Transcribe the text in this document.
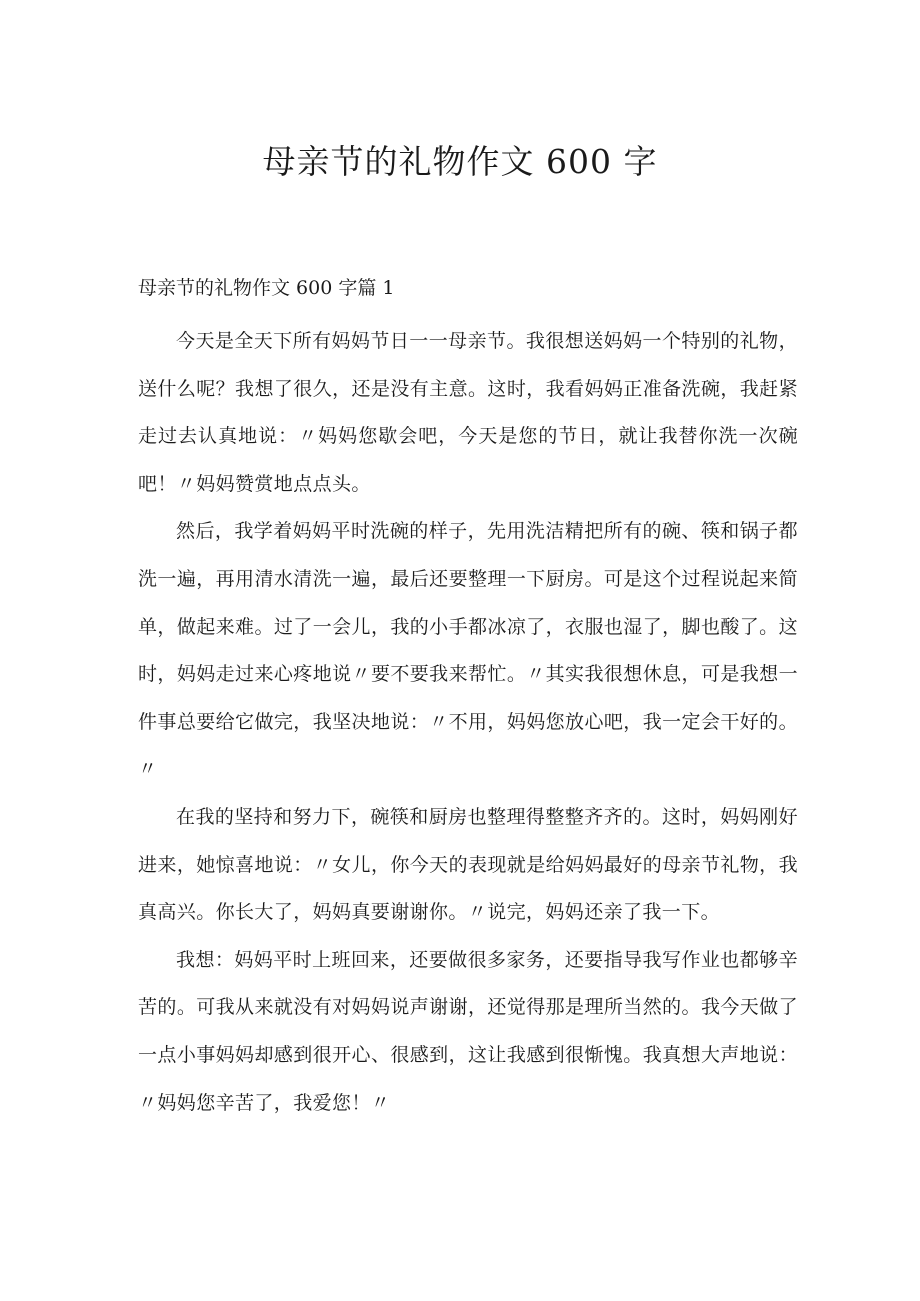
母亲节的礼物作文 600 字

母亲节的礼物作文 600 字篇 1

今天是全天下所有妈妈节日一一母亲节。我很想送妈妈一个特别的礼物，送什么呢？我想了很久，还是没有主意。这时，我看妈妈正准备洗碗，我赶紧走过去认真地说：〃妈妈您歇会吧，今天是您的节日，就让我替你洗一次碗吧！〃妈妈赞赏地点点头。

然后，我学着妈妈平时洗碗的样子，先用洗洁精把所有的碗、筷和锅子都洗一遍，再用清水清洗一遍，最后还要整理一下厨房。可是这个过程说起来简单，做起来难。过了一会儿，我的小手都冰凉了，衣服也湿了，脚也酸了。这时，妈妈走过来心疼地说〃要不要我来帮忙。〃其实我很想休息，可是我想一件事总要给它做完，我坚决地说：〃不用，妈妈您放心吧，我一定会干好的。〃

在我的坚持和努力下，碗筷和厨房也整理得整整齐齐的。这时，妈妈刚好进来，她惊喜地说：〃女儿，你今天的表现就是给妈妈最好的母亲节礼物，我真高兴。你长大了，妈妈真要谢谢你。〃说完，妈妈还亲了我一下。

我想：妈妈平时上班回来，还要做很多家务，还要指导我写作业也都够辛苦的。可我从来就没有对妈妈说声谢谢，还觉得那是理所当然的。我今天做了一点小事妈妈却感到很开心、很感到，这让我感到很惭愧。我真想大声地说：〃妈妈您辛苦了，我爱您！〃
